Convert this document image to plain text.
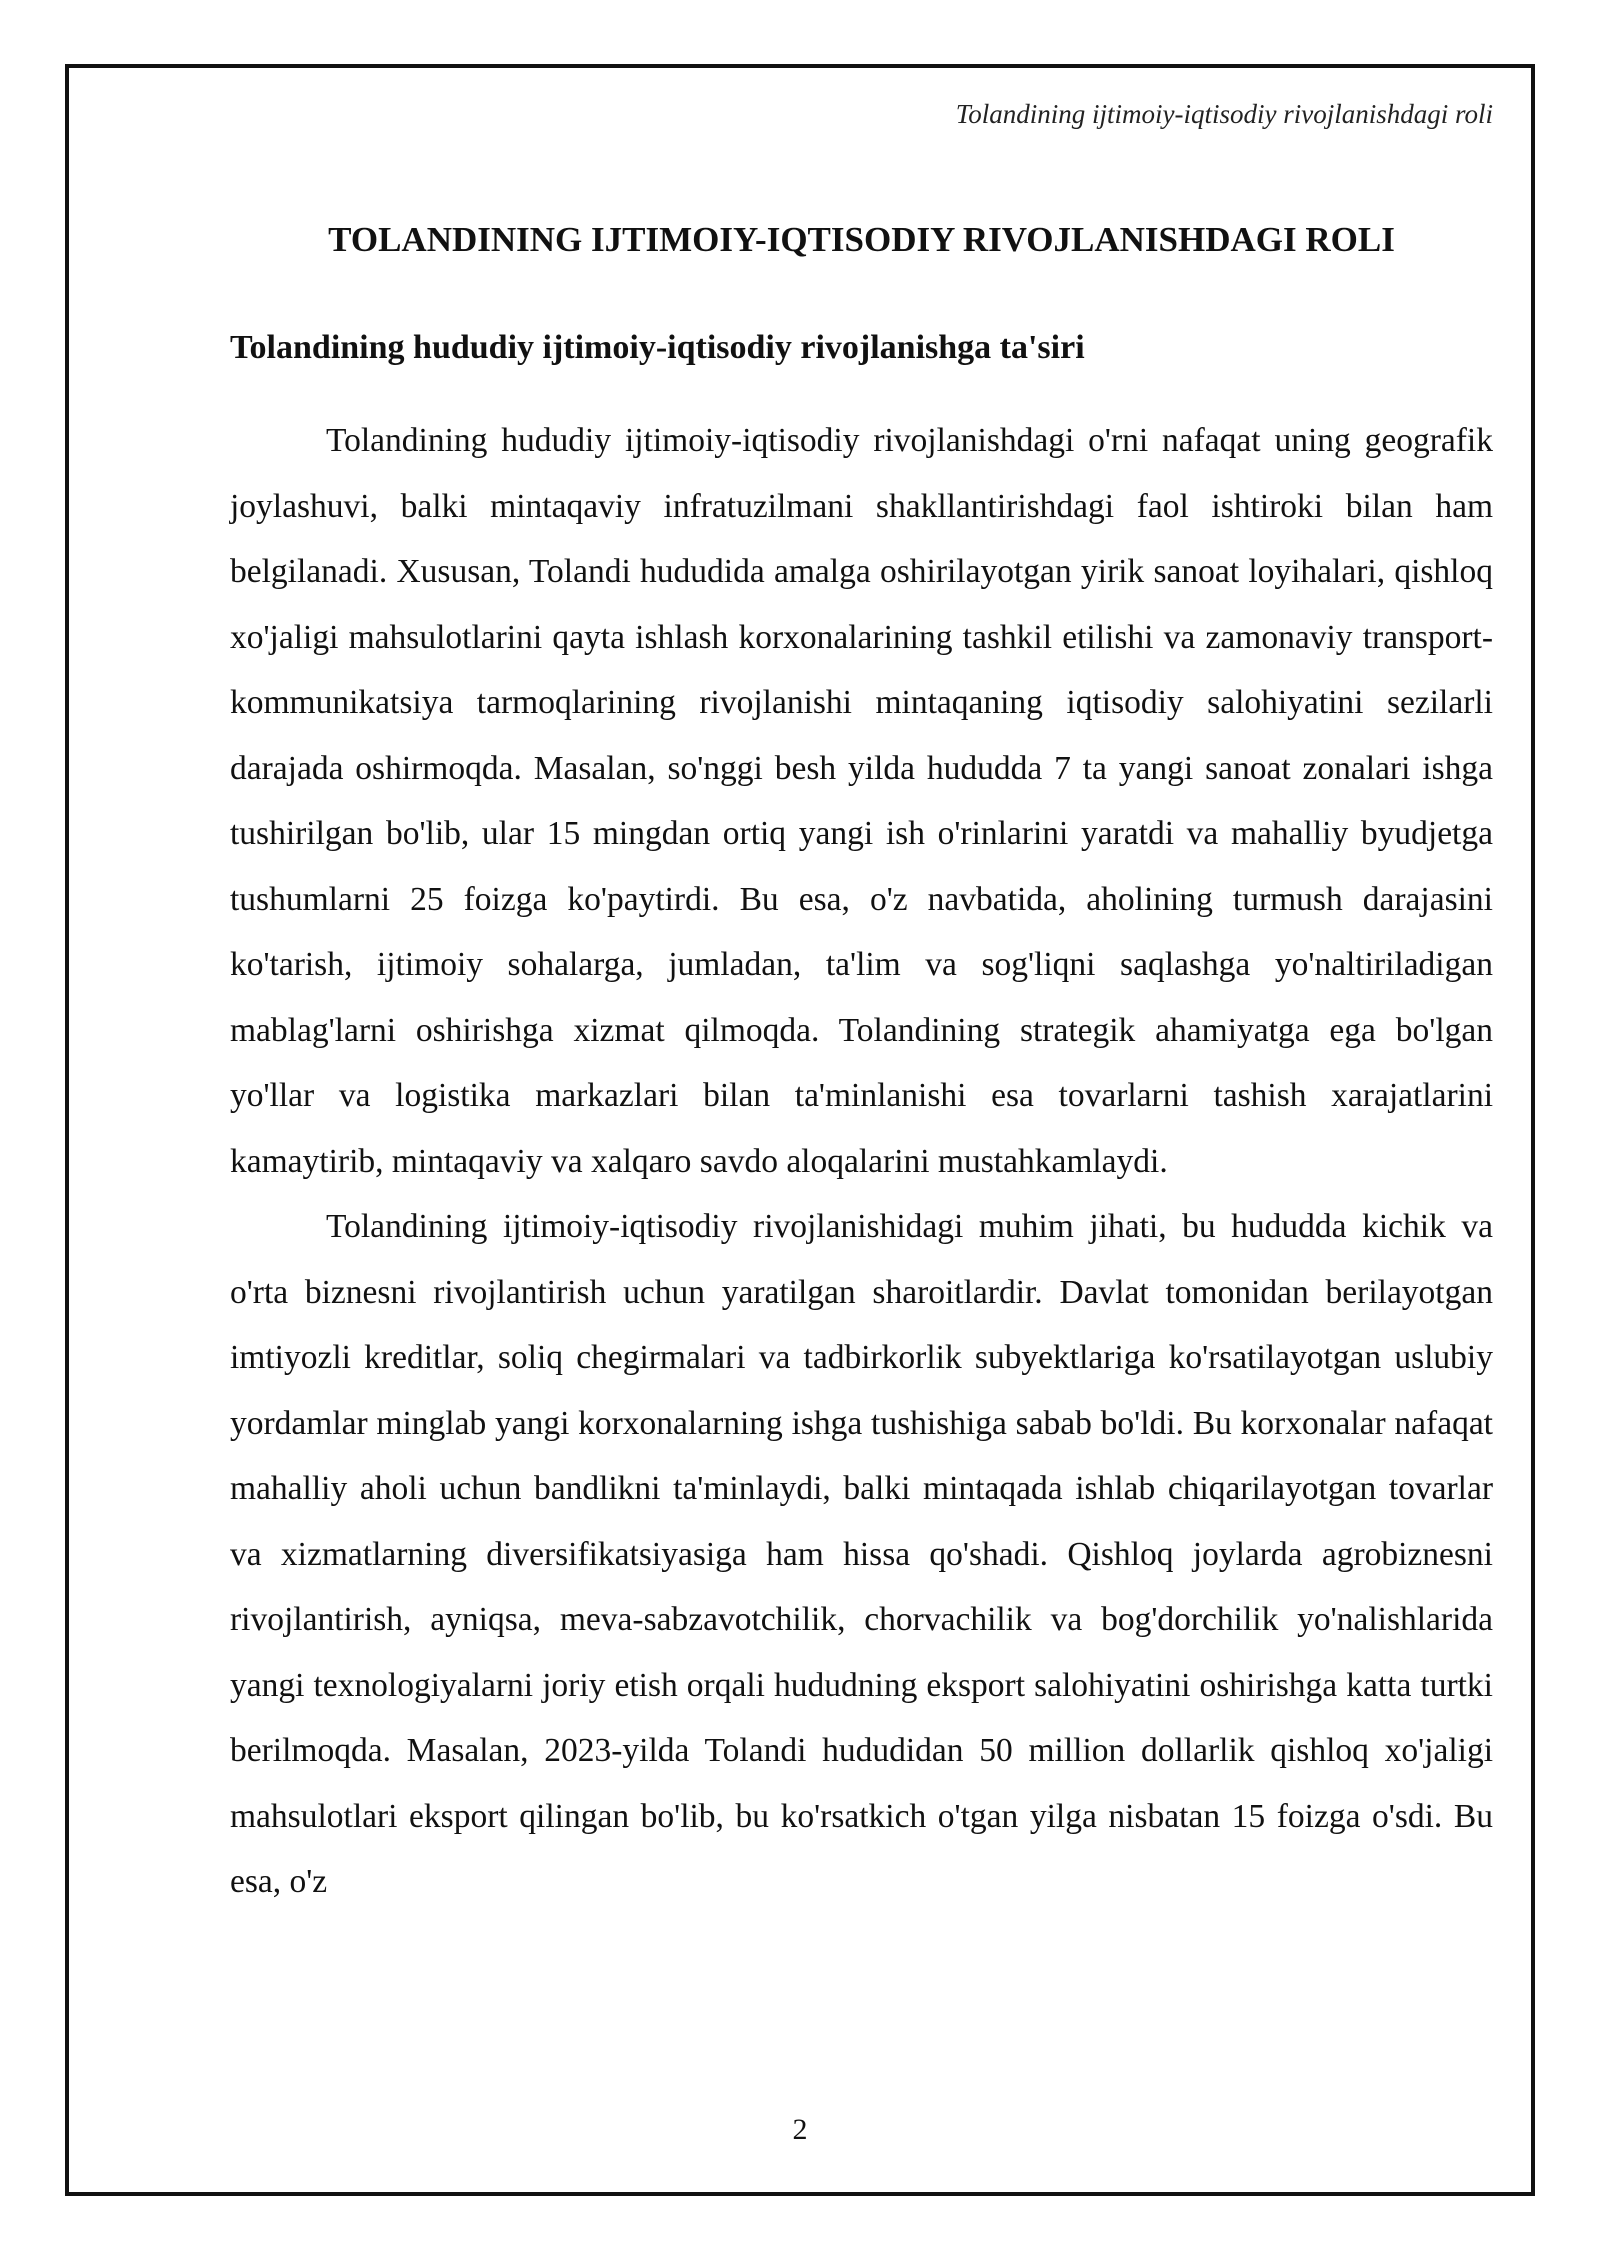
Tolandining ijtimoiy-iqtisodiy rivojlanishdagi roli
TOLANDINING IJTIMOIY-IQTISODIY RIVOJLANISHDAGI ROLI
Tolandining hududiy ijtimoiy-iqtisodiy rivojlanishga ta'siri

Tolandining hududiy ijtimoiy-iqtisodiy rivojlanishdagi o'rni nafaqat uning geografik joylashuvi, balki mintaqaviy infratuzilmani shakllantirishdagi faol ishtiroki bilan ham belgilanadi. Xususan, Tolandi hududida amalga oshirilayotgan yirik sanoat loyihalari, qishloq xo'jaligi mahsulotlarini qayta ishlash korxonalarining tashkil etilishi va zamonaviy transport-kommunikatsiya tarmoqlarining rivojlanishi mintaqaning iqtisodiy salohiyatini sezilarli darajada oshirmoqda. Masalan, so'nggi besh yilda hududda 7 ta yangi sanoat zonalari ishga tushirilgan bo'lib, ular 15 mingdan ortiq yangi ish o'rinlarini yaratdi va mahalliy byudjetga tushumlarni 25 foizga ko'paytirdi. Bu esa, o'z navbatida, aholining turmush darajasini ko'tarish, ijtimoiy sohalarga, jumladan, ta'lim va sog'liqni saqlashga yo'naltiriladigan mablag'larni oshirishga xizmat qilmoqda. Tolandining strategik ahamiyatga ega bo'lgan yo'llar va logistika markazlari bilan ta'minlanishi esa tovarlarni tashish xarajatlarini kamaytirib, mintaqaviy va xalqaro savdo aloqalarini mustahkamlaydi.

Tolandining ijtimoiy-iqtisodiy rivojlanishidagi muhim jihati, bu hududda kichik va o'rta biznesni rivojlantirish uchun yaratilgan sharoitlardir. Davlat tomonidan berilayotgan imtiyozli kreditlar, soliq chegirmalari va tadbirkorlik subyektlariga ko'rsatilayotgan uslubiy yordamlar minglab yangi korxonalarning ishga tushishiga sabab bo'ldi. Bu korxonalar nafaqat mahalliy aholi uchun bandlikni ta'minlaydi, balki mintaqada ishlab chiqarilayotgan tovarlar va xizmatlarning diversifikatsiyasiga ham hissa qo'shadi. Qishloq joylarda agrobiznesni rivojlantirish, ayniqsa, meva-sabzavotchilik, chorvachilik va bog'dorchilik yo'nalishlarida yangi texnologiyalarni joriy etish orqali hududning eksport salohiyatini oshirishga katta turtki berilmoqda. Masalan, 2023-yilda Tolandi hududidan 50 million dollarlik qishloq xo'jaligi mahsulotlari eksport qilingan bo'lib, bu ko'rsatkich o'tgan yilga nisbatan 15 foizga o'sdi. Bu esa, o'z

2
